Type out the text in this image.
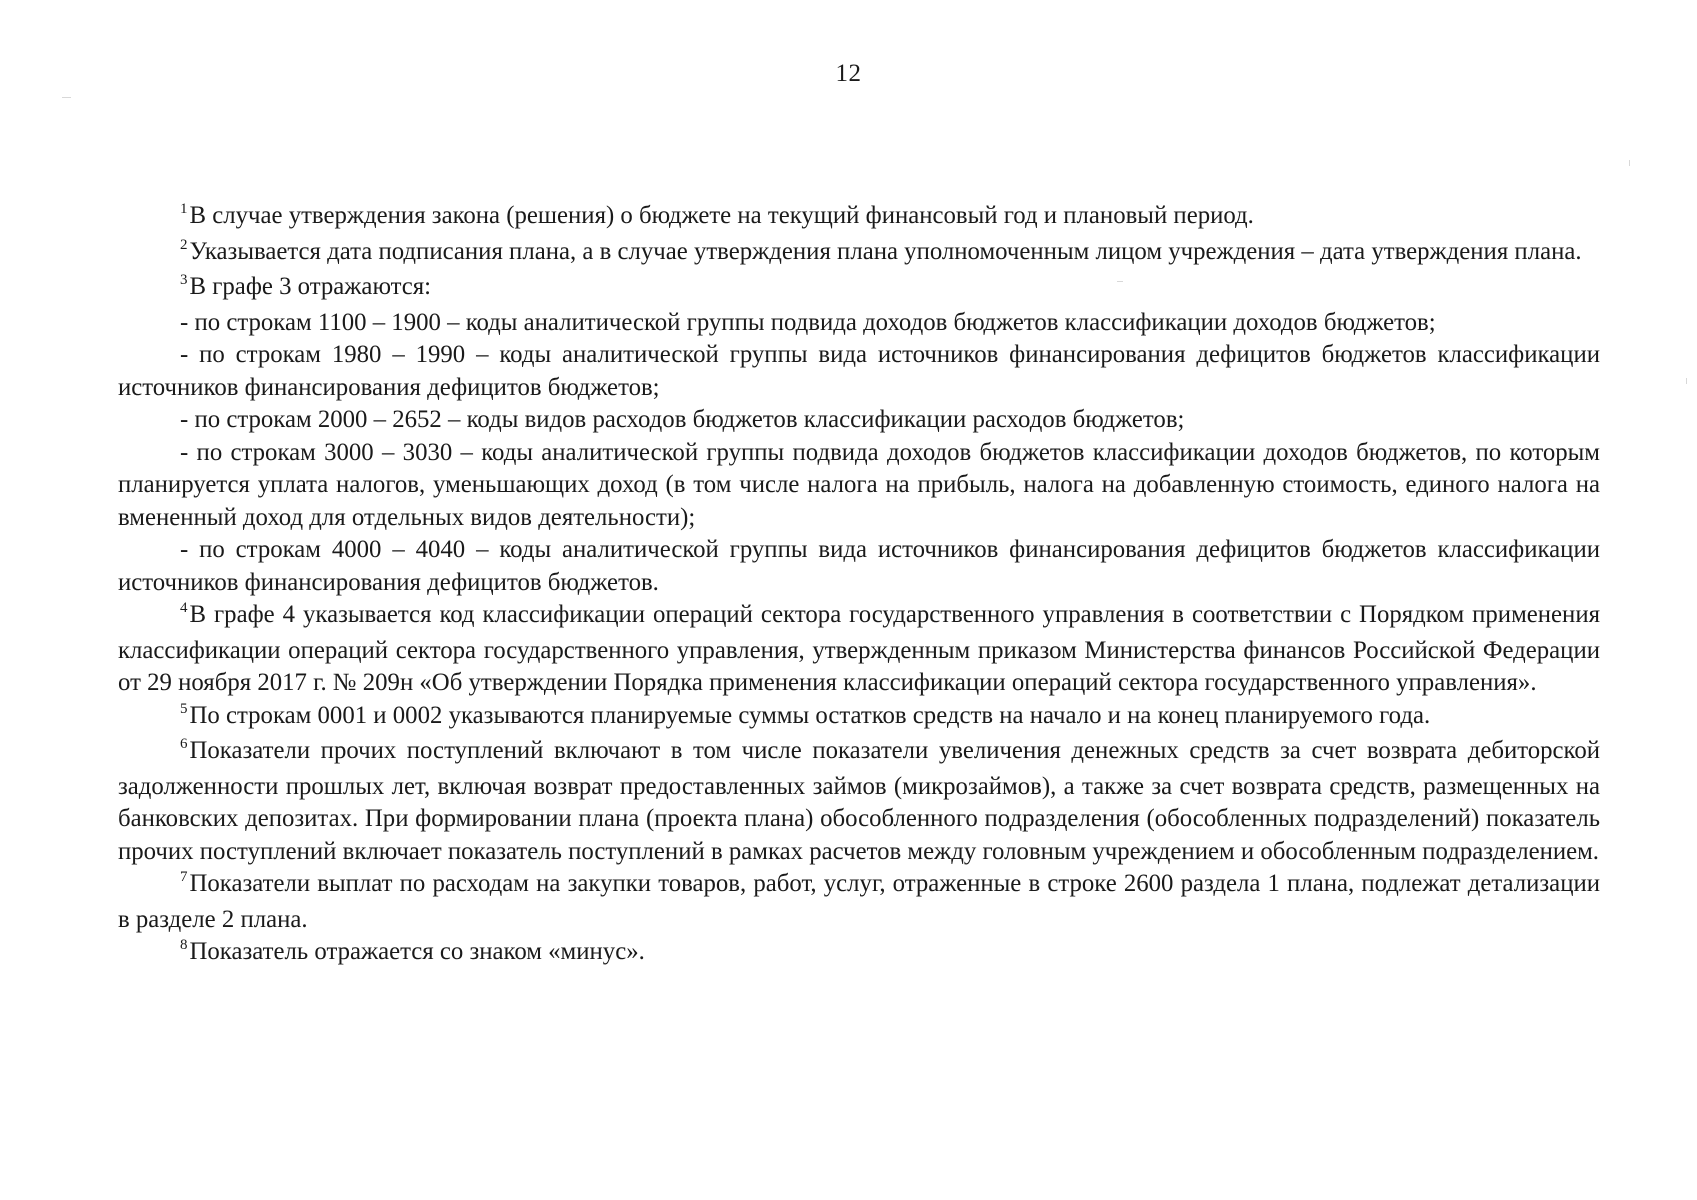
12

$^1$В случае утверждения закона (решения) о бюджете на текущий финансовый год и плановый период.

$^2$Указывается дата подписания плана, а в случае утверждения плана уполномоченным лицом учреждения – дата утверждения плана.

$^3$В графе 3 отражаются:

- по строкам 1100 – 1900 – коды аналитической группы подвида доходов бюджетов классификации доходов бюджетов;

- по строкам 1980 – 1990 – коды аналитической группы вида источников финансирования дефицитов бюджетов классификации источников финансирования дефицитов бюджетов;

- по строкам 2000 – 2652 – коды видов расходов бюджетов классификации расходов бюджетов;

- по строкам 3000 – 3030 – коды аналитической группы подвида доходов бюджетов классификации доходов бюджетов, по которым планируется уплата налогов, уменьшающих доход (в том числе налога на прибыль, налога на добавленную стоимость, единого налога на вмененный доход для отдельных видов деятельности);

- по строкам 4000 – 4040 – коды аналитической группы вида источников финансирования дефицитов бюджетов классификации источников финансирования дефицитов бюджетов.

$^4$В графе 4 указывается код классификации операций сектора государственного управления в соответствии с Порядком применения классификации операций сектора государственного управления, утвержденным приказом Министерства финансов Российской Федерации от 29 ноября 2017 г. № 209н «Об утверждении Порядка применения классификации операций сектора государственного управления».

$^5$По строкам 0001 и 0002 указываются планируемые суммы остатков средств на начало и на конец планируемого года.

$^6$Показатели прочих поступлений включают в том числе показатели увеличения денежных средств за счет возврата дебиторской задолженности прошлых лет, включая возврат предоставленных займов (микрозаймов), а также за счет возврата средств, размещенных на банковских депозитах. При формировании плана (проекта плана) обособленного подразделения (обособленных подразделений) показатель прочих поступлений включает показатель поступлений в рамках расчетов между головным учреждением и обособленным подразделением.

$^7$Показатели выплат по расходам на закупки товаров, работ, услуг, отраженные в строке 2600 раздела 1 плана, подлежат детализации в разделе 2 плана.

$^8$Показатель отражается со знаком «минус».
